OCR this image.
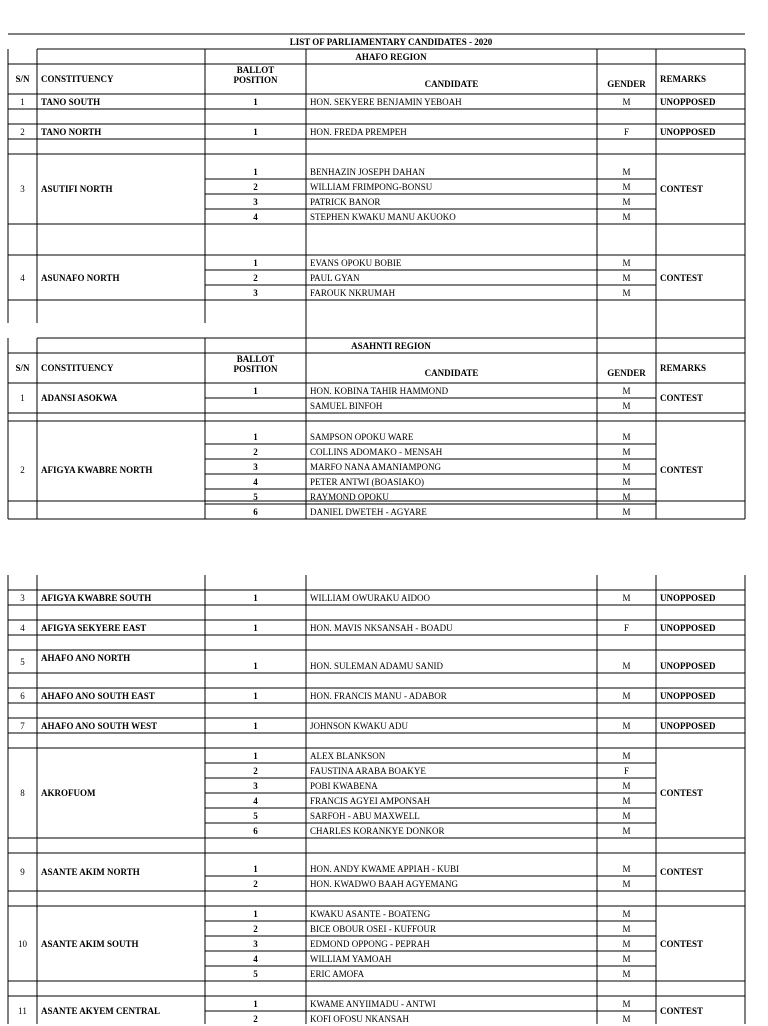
LIST OF PARLIAMENTARY CANDIDATES - 2020
AHAFO REGION
S/N	CONSTITUENCY
BALLOT
POSITION	CANDIDATE	GENDER	REMARKS
1	TANO SOUTH	1	HON. SEKYERE BENJAMIN YEBOAH	M	UNOPPOSED
2	TANO NORTH	1	HON. FREDA PREMPEH	F	UNOPPOSED
3	ASUTIFI NORTH
1	BENHAZIN JOSEPH DAHAN	M
2	WILLIAM FRIMPONG-BONSU	M
3	PATRICK BANOR	M
4	STEPHEN KWAKU MANU AKUOKO	M
CONTEST
4	ASUNAFO NORTH
1	EVANS OPOKU BOBIE	M
2	PAUL GYAN	M
3	FAROUK NKRUMAH	M
CONTEST
ASAHNTI REGION
S/N	CONSTITUENCY
BALLOT
POSITION	CANDIDATE	GENDER	REMARKS
1	ADANSI ASOKWA
1	HON. KOBINA TAHIR HAMMOND	M
SAMUEL BINFOH	M
CONTEST
2	AFIGYA KWABRE NORTH
1	SAMPSON OPOKU WARE	M
2	COLLINS ADOMAKO - MENSAH	M
3	MARFO NANA AMANIAMPONG	M
4	PETER ANTWI (BOASIAKO)	M
5	RAYMOND OPOKU	M
6	DANIEL DWETEH - AGYARE	M
CONTEST
3	AFIGYA KWABRE SOUTH	1	WILLIAM OWURAKU AIDOO	M	UNOPPOSED
4	AFIGYA SEKYERE EAST	1	HON. MAVIS NKSANSAH - BOADU	F	UNOPPOSED
5	AHAFO ANO NORTH
1	HON. SULEMAN ADAMU SANID	M	UNOPPOSED
6	AHAFO ANO SOUTH EAST	1	HON. FRANCIS MANU - ADABOR	M	UNOPPOSED
7	AHAFO ANO SOUTH WEST	1	JOHNSON KWAKU ADU	M	UNOPPOSED
8	AKROFUOM
1	ALEX BLANKSON	M
2	FAUSTINA ARABA BOAKYE	F
3	POBI KWABENA	M
4	FRANCIS AGYEI AMPONSAH	M
5	SARFOH - ABU MAXWELL	M
6	CHARLES KORANKYE DONKOR	M
CONTEST
9	ASANTE AKIM NORTH	1	HON. ANDY KWAME APPIAH - KUBI	M
2	HON. KWADWO BAAH AGYEMANG	M
CONTEST
10	ASANTE AKIM SOUTH
1	KWAKU ASANTE - BOATENG	M
2	BICE OBOUR OSEI - KUFFOUR	M
3	EDMOND OPPONG - PEPRAH	M
4	WILLIAM YAMOAH	M
5	ERIC AMOFA	M
CONTEST
11	ASANTE AKYEM CENTRAL
1	KWAME ANYIIMADU - ANTWI	M
2	KOFI OFOSU NKANSAH	M
CONTEST
